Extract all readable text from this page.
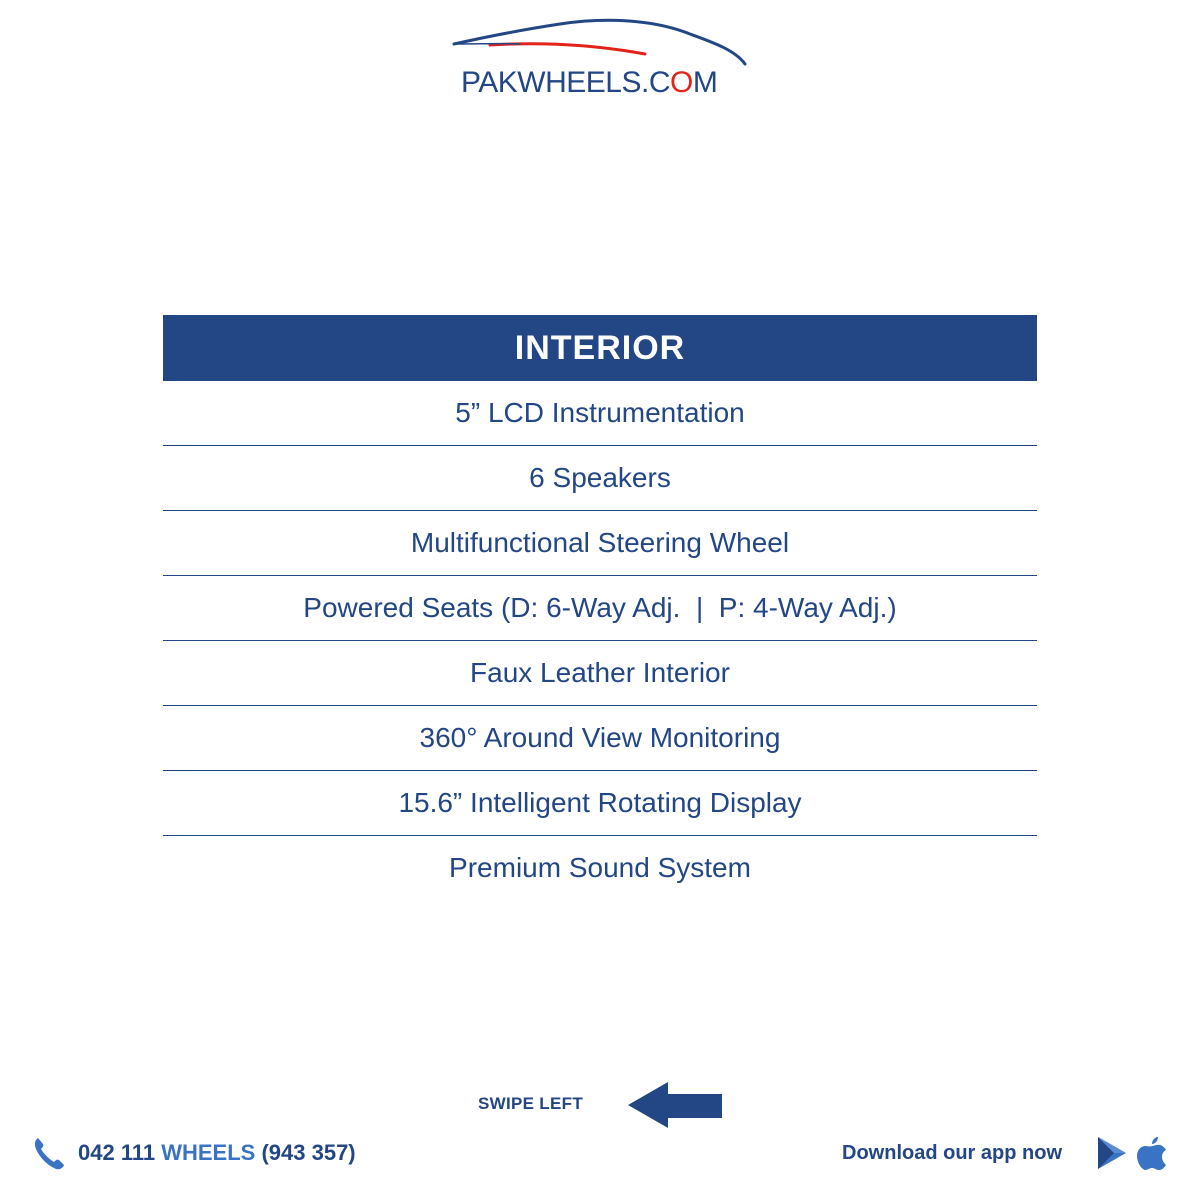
PAKWHEELS.COM
INTERIOR
5” LCD Instrumentation
6 Speakers
Multifunctional Steering Wheel
Powered Seats (D: 6-Way Adj.  |  P: 4-Way Adj.)
Faux Leather Interior
360° Around View Monitoring
15.6” Intelligent Rotating Display
Premium Sound System
SWIPE LEFT
042 111 WHEELS (943 357)	Download our app now
